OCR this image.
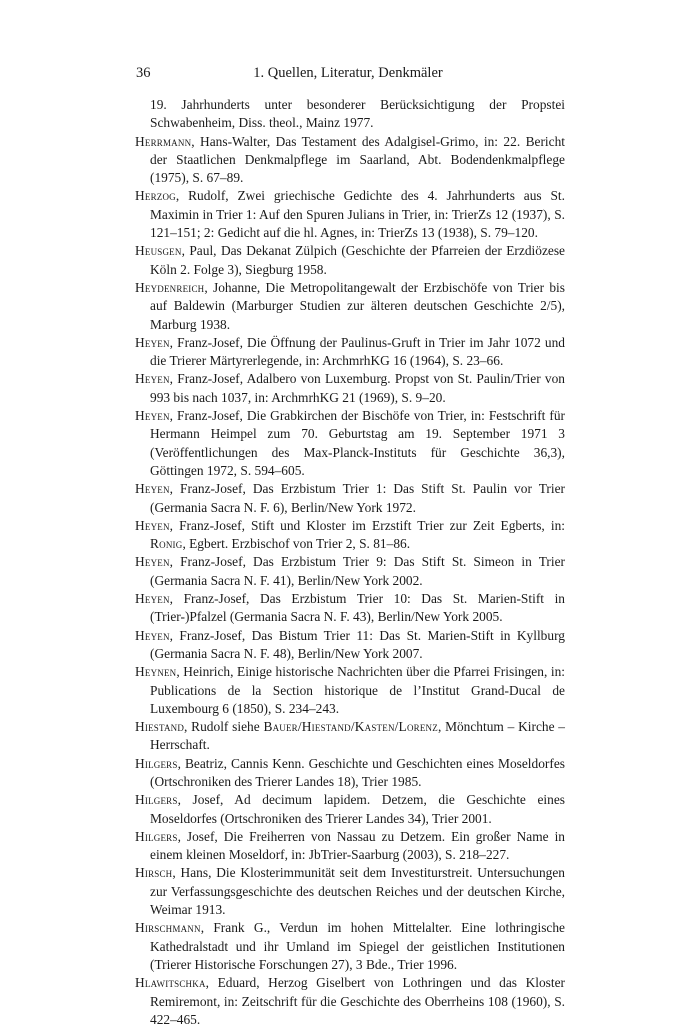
36	1. Quellen, Literatur, Denkmäler

19. Jahrhunderts unter besonderer Berücksichtigung der Propstei Schwabenheim, Diss. theol., Mainz 1977.

Herrmann, Hans-Walter, Das Testament des Adalgisel-Grimo, in: 22. Bericht der Staatlichen Denkmalpflege im Saarland, Abt. Bodendenkmalpflege (1975), S. 67–89.

Herzog, Rudolf, Zwei griechische Gedichte des 4. Jahrhunderts aus St. Maximin in Trier 1: Auf den Spuren Julians in Trier, in: TrierZs 12 (1937), S. 121–151; 2: Gedicht auf die hl. Agnes, in: TrierZs 13 (1938), S. 79–120.

Heusgen, Paul, Das Dekanat Zülpich (Geschichte der Pfarreien der Erzdiözese Köln 2. Folge 3), Siegburg 1958.

Heydenreich, Johanne, Die Metropolitangewalt der Erzbischöfe von Trier bis auf Baldewin (Marburger Studien zur älteren deutschen Geschichte 2/5), Marburg 1938.

Heyen, Franz-Josef, Die Öffnung der Paulinus-Gruft in Trier im Jahr 1072 und die Trierer Märtyrerlegende, in: ArchmrhKG 16 (1964), S. 23–66.

Heyen, Franz-Josef, Adalbero von Luxemburg. Propst von St. Paulin/Trier von 993 bis nach 1037, in: ArchmrhKG 21 (1969), S. 9–20.

Heyen, Franz-Josef, Die Grabkirchen der Bischöfe von Trier, in: Festschrift für Hermann Heimpel zum 70. Geburtstag am 19. September 1971 3 (Veröffentlichungen des Max-Planck-Instituts für Geschichte 36,3), Göttingen 1972, S. 594–605.

Heyen, Franz-Josef, Das Erzbistum Trier 1: Das Stift St. Paulin vor Trier (Germania Sacra N. F. 6), Berlin/New York 1972.

Heyen, Franz-Josef, Stift und Kloster im Erzstift Trier zur Zeit Egberts, in: Ronig, Egbert. Erzbischof von Trier 2, S. 81–86.

Heyen, Franz-Josef, Das Erzbistum Trier 9: Das Stift St. Simeon in Trier (Germania Sacra N. F. 41), Berlin/New York 2002.

Heyen, Franz-Josef, Das Erzbistum Trier 10: Das St. Marien-Stift in (Trier-)Pfalzel (Germania Sacra N. F. 43), Berlin/New York 2005.

Heyen, Franz-Josef, Das Bistum Trier 11: Das St. Marien-Stift in Kyllburg (Germania Sacra N. F. 48), Berlin/New York 2007.

Heynen, Heinrich, Einige historische Nachrichten über die Pfarrei Frisingen, in: Publications de la Section historique de l’Institut Grand-Ducal de Luxembourg 6 (1850), S. 234–243.

Hiestand, Rudolf siehe Bauer/Hiestand/Kasten/Lorenz, Mönchtum – Kirche – Herrschaft.

Hilgers, Beatriz, Cannis Kenn. Geschichte und Geschichten eines Moseldorfes (Ortschroniken des Trierer Landes 18), Trier 1985.

Hilgers, Josef, Ad decimum lapidem. Detzem, die Geschichte eines Moseldorfes (Ortschroniken des Trierer Landes 34), Trier 2001.

Hilgers, Josef, Die Freiherren von Nassau zu Detzem. Ein großer Name in einem kleinen Moseldorf, in: JbTrier-Saarburg (2003), S. 218–227.

Hirsch, Hans, Die Klosterimmunität seit dem Investiturstreit. Untersuchungen zur Verfassungsgeschichte des deutschen Reiches und der deutschen Kirche, Weimar 1913.

Hirschmann, Frank G., Verdun im hohen Mittelalter. Eine lothringische Kathedralstadt und ihr Umland im Spiegel der geistlichen Institutionen (Trierer Historische Forschungen 27), 3 Bde., Trier 1996.

Hlawitschka, Eduard, Herzog Giselbert von Lothringen und das Kloster Remiremont, in: Zeitschrift für die Geschichte des Oberrheins 108 (1960), S. 422–465.
